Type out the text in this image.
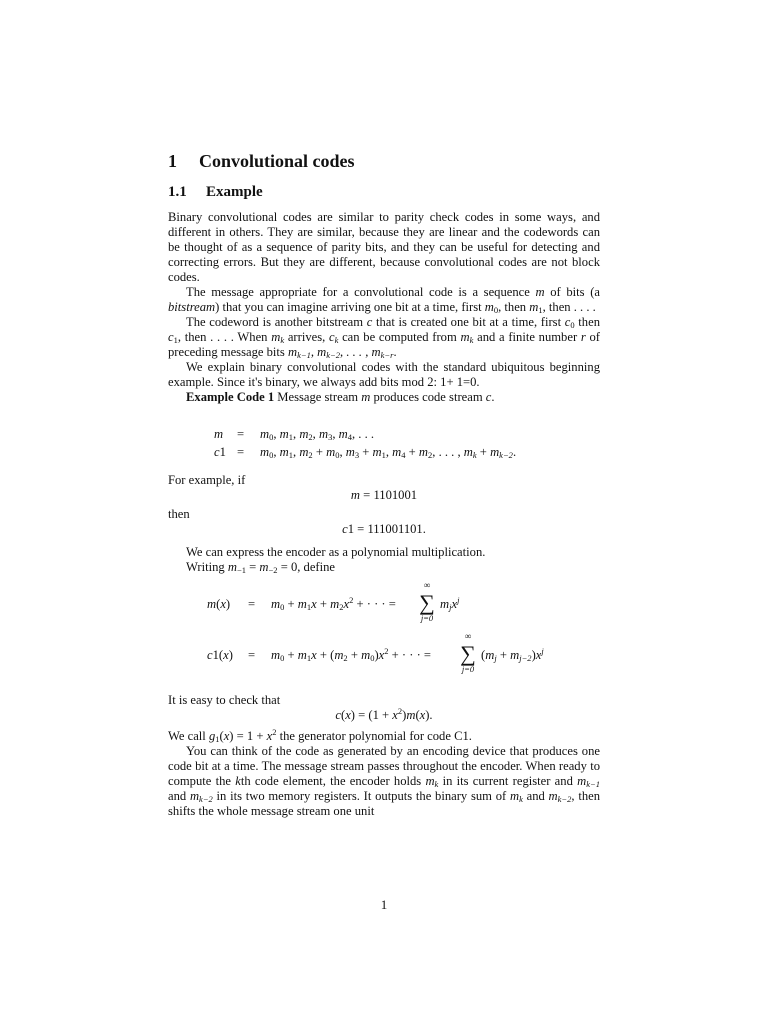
1	Convolutional codes
1.1	Example

Binary convolutional codes are similar to parity check codes in some ways, and different in others. They are similar, because they are linear and the codewords can be thought of as a sequence of parity bits, and they can be useful for detecting and correcting errors. But they are different, because convolutional codes are not block codes.

The message appropriate for a convolutional code is a sequence m of bits (a bitstream) that you can imagine arriving one bit at a time, first $m_0$, then $m_1$, then . . . .

The codeword is another bitstream c that is created one bit at a time, first $c_0$ then $c_1$, then . . . . When $m_k$ arrives, $c_k$ can be computed from $m_k$ and a finite number r of preceding message bits $m_{k-1}$, $m_{k-2}$, . . . , $m_{k-r}$.

We explain binary convolutional codes with the standard ubiquitous beginning example. Since it's binary, we always add bits mod 2: 1+ 1=0.

Example Code 1 Message stream m produces code stream c.

$m = m_0$, $m_1$, $m_2$, $m_3$, $m_4$, . . .
$c1 = m_0$, $m_1$, $m_2 + m_0$, $m_3 + m_1$, $m_4 + m_2$, . . . , $m_k + m_{k-2}$.

For example, if

m = 1101001

then

c1 = 111001101.

We can express the encoder as a polynomial multiplication.

Writing $m_{-1} = m_{-2} = 0$, define

$m(x) = m_0 + m_1x + m_2x^2$ + · · · =
∞
∑
j=0
$m_jx^j$
$c1(x) = m_0 + m_1x + (m_2 + m_0)x^2$ + · · · =
∞
∑
j=0
$(m_j + m_{j-2})x^j$

It is easy to check that

$c(x) = (1 + x^2)m(x)$.

We call $g_1(x) = 1 + x^2$ the generator polynomial for code C1.

You can think of the code as generated by an encoding device that produces one code bit at a time. The message stream passes throughout the encoder. When ready to compute the kth code element, the encoder holds $m_k$ in its current register and $m_{k-1}$ and $m_{k-2}$ in its two memory registers. It outputs the binary sum of $m_k$ and $m_{k-2}$, then shifts the whole message stream one unit

1
